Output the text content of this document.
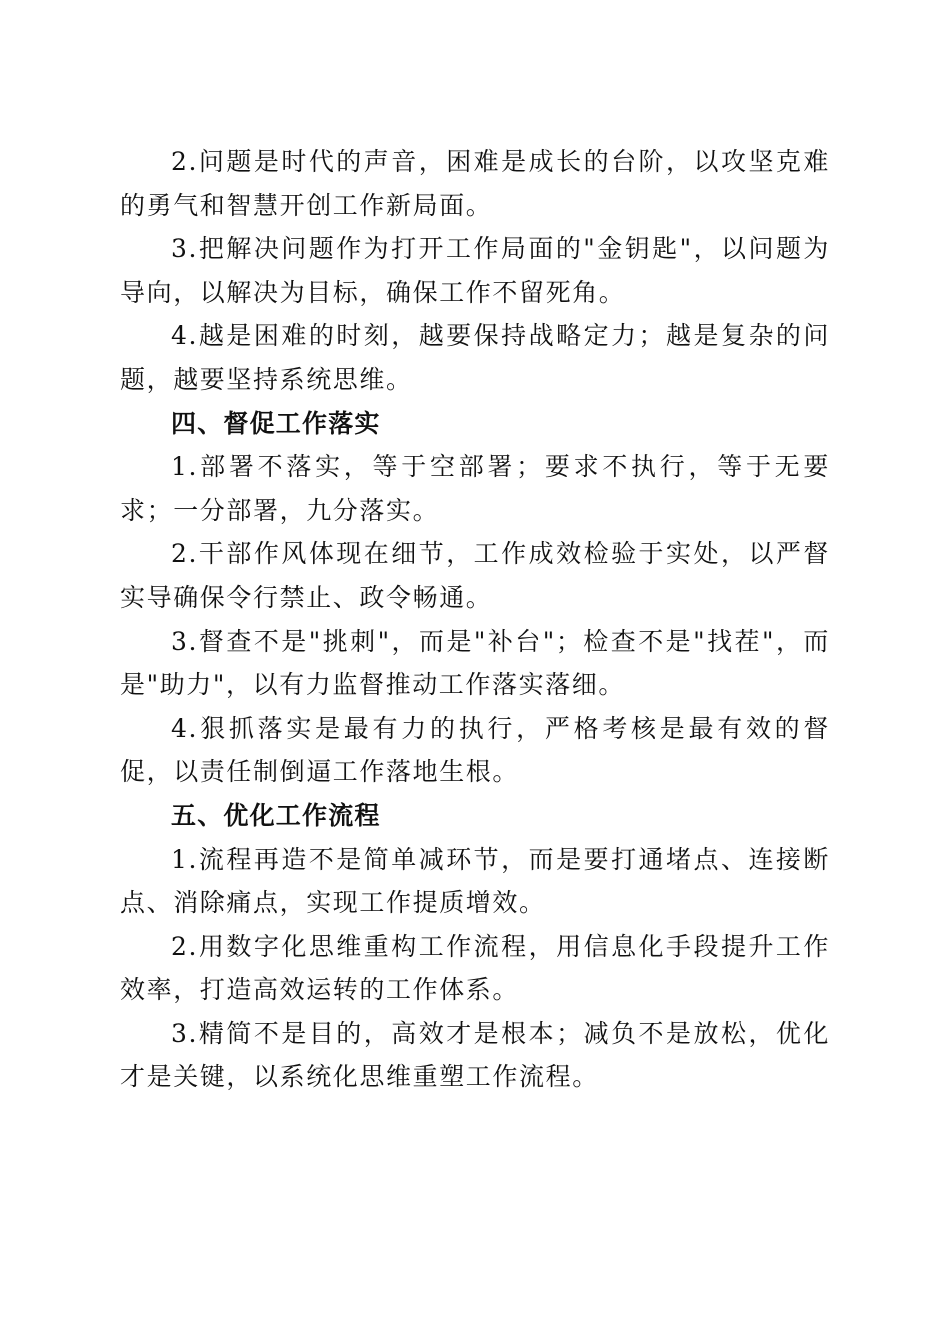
2.问题是时代的声音，困难是成长的台阶，以攻坚克难的勇气和智慧开创工作新局面。

3.把解决问题作为打开工作局面的"金钥匙"，以问题为导向，以解决为目标，确保工作不留死角。

4.越是困难的时刻，越要保持战略定力；越是复杂的问题，越要坚持系统思维。

四、督促工作落实

1.部署不落实，等于空部署；要求不执行，等于无要求；一分部署，九分落实。

2.干部作风体现在细节，工作成效检验于实处，以严督实导确保令行禁止、政令畅通。

3.督查不是"挑刺"，而是"补台"；检查不是"找茬"，而是"助力"，以有力监督推动工作落实落细。

4.狠抓落实是最有力的执行，严格考核是最有效的督促，以责任制倒逼工作落地生根。

五、优化工作流程

1.流程再造不是简单减环节，而是要打通堵点、连接断点、消除痛点，实现工作提质增效。

2.用数字化思维重构工作流程，用信息化手段提升工作效率，打造高效运转的工作体系。

3.精简不是目的，高效才是根本；减负不是放松，优化才是关键，以系统化思维重塑工作流程。
